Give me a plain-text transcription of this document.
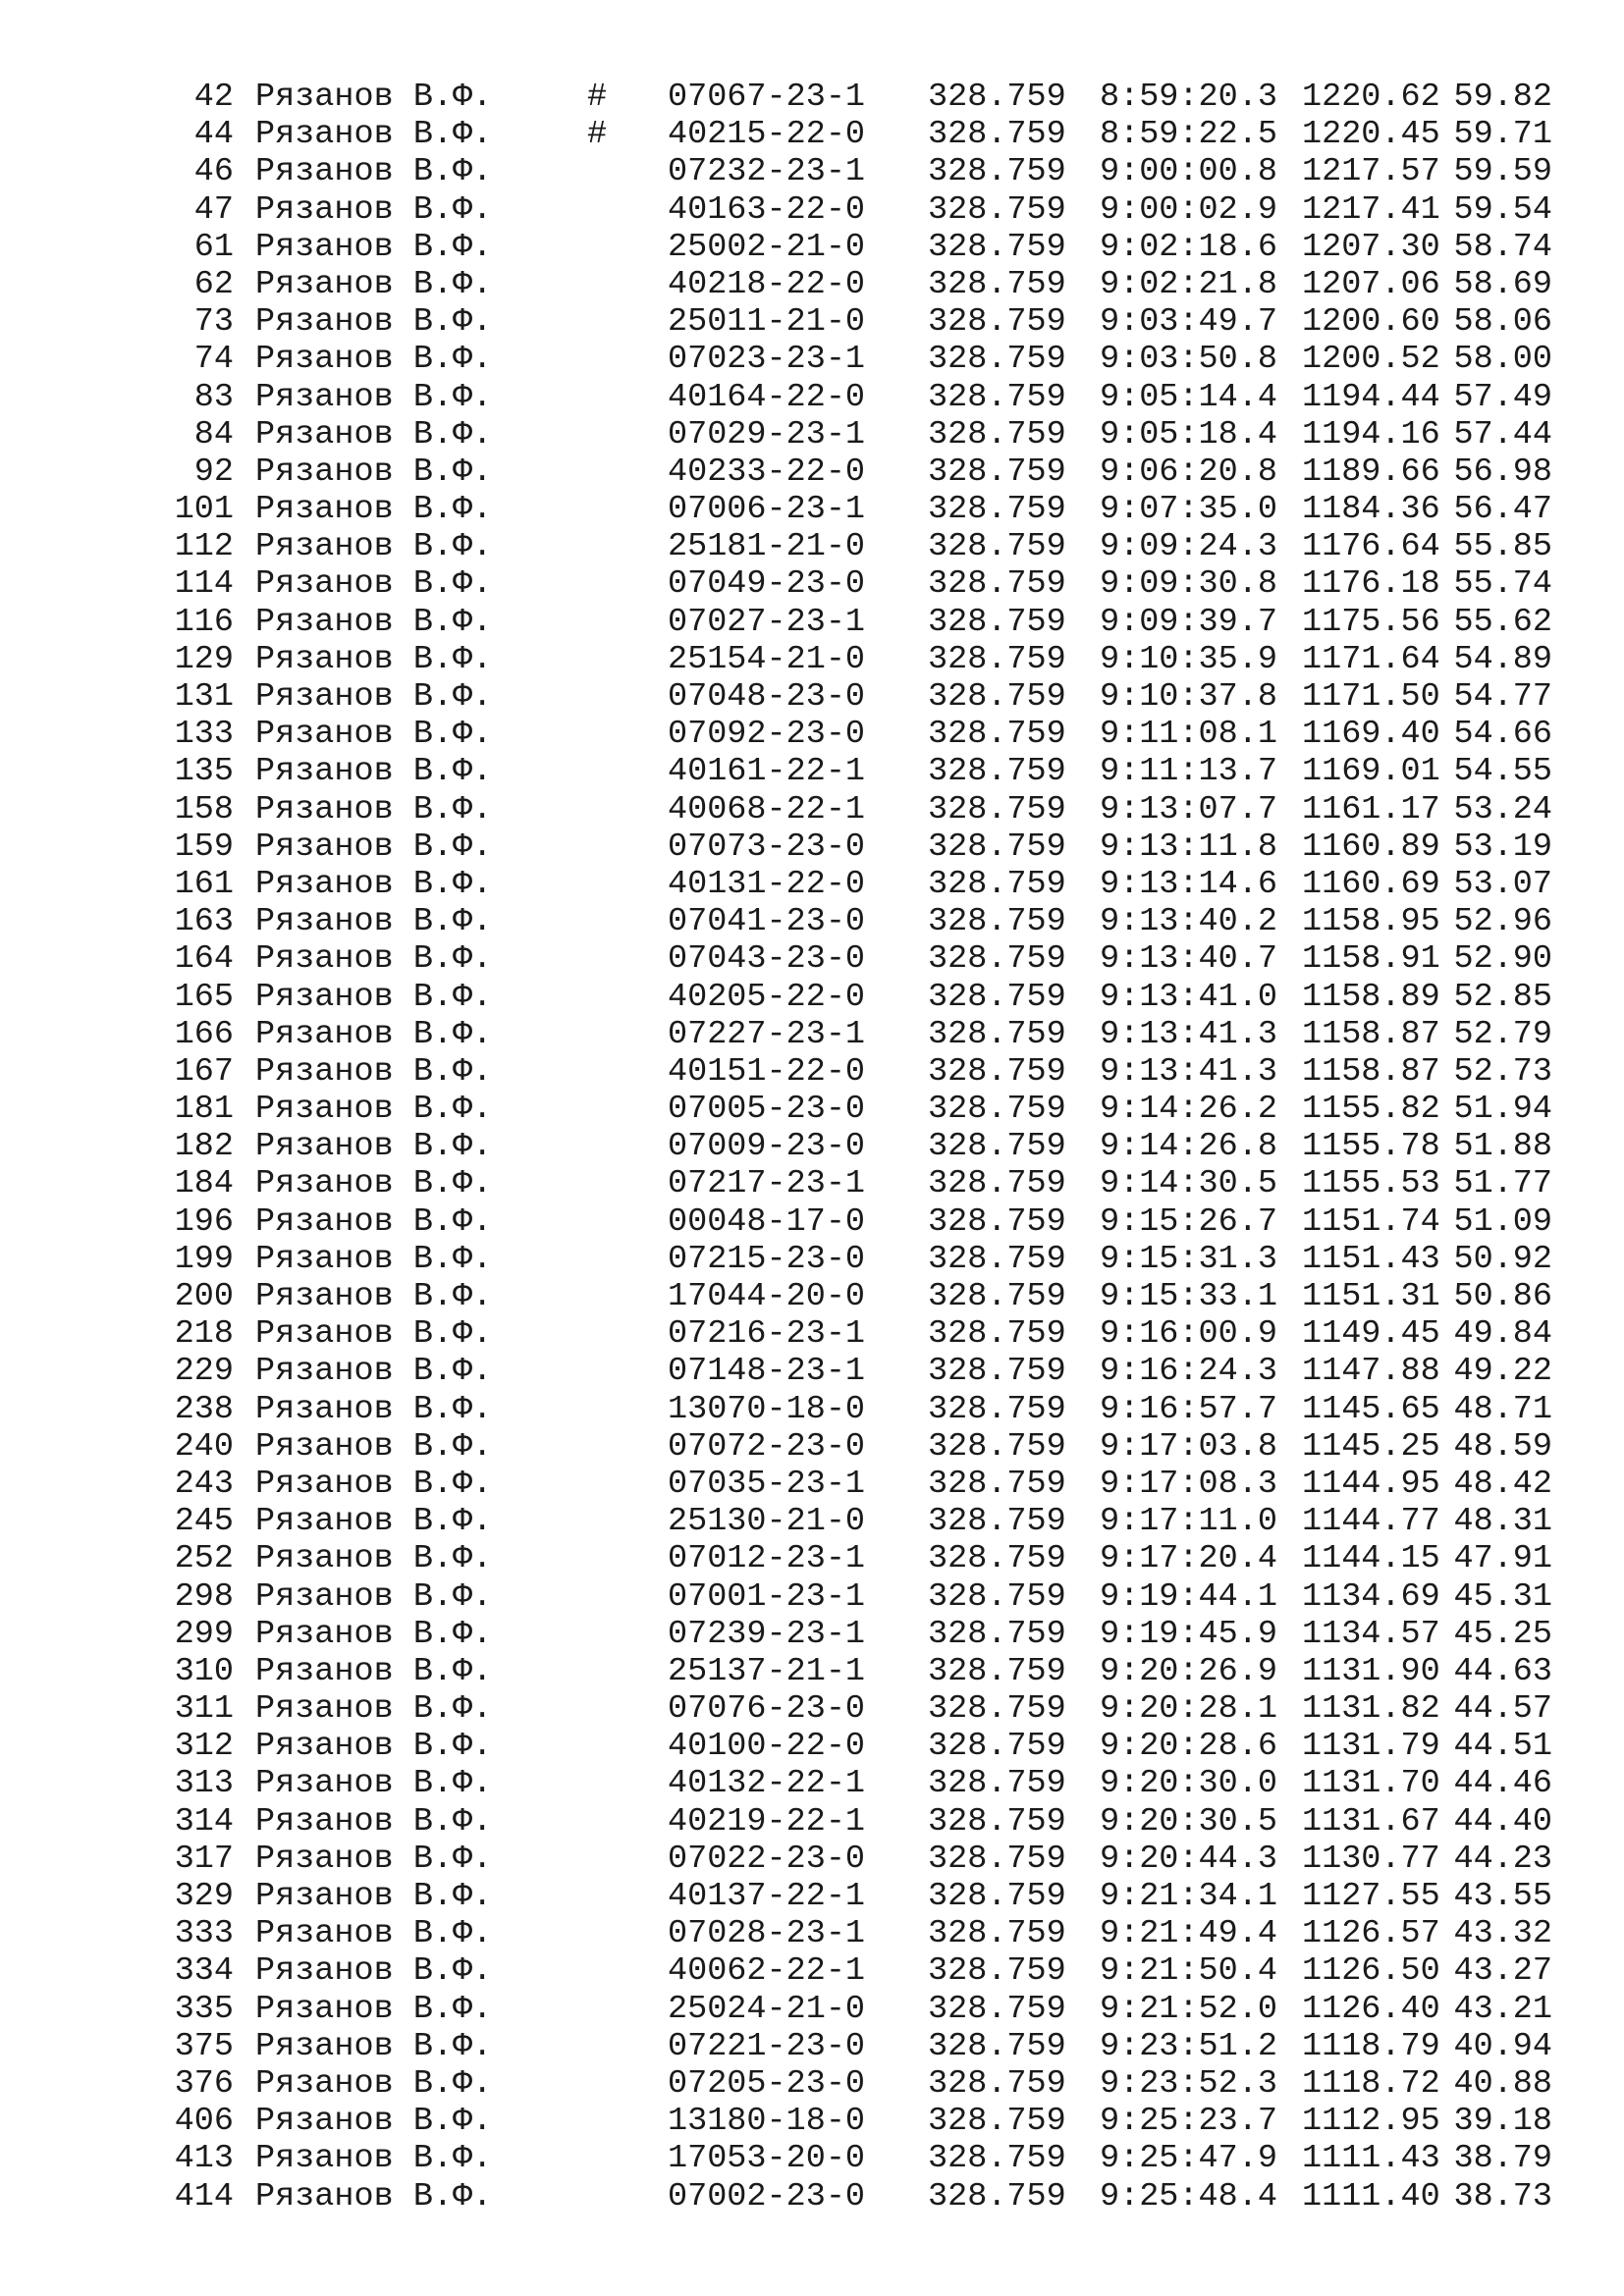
42 Рязанов В.Ф.	#	07067-23-1	328.759	8:59:20.3 1220.62 59.82
44 Рязанов В.Ф.	#	40215-22-0	328.759	8:59:22.5 1220.45 59.71
46 Рязанов В.Ф.	07232-23-1	328.759	9:00:00.8 1217.57 59.59
47 Рязанов В.Ф.	40163-22-0	328.759	9:00:02.9 1217.41 59.54
61 Рязанов В.Ф.	25002-21-0	328.759	9:02:18.6 1207.30 58.74
62 Рязанов В.Ф.	40218-22-0	328.759	9:02:21.8 1207.06 58.69
73 Рязанов В.Ф.	25011-21-0	328.759	9:03:49.7 1200.60 58.06
74 Рязанов В.Ф.	07023-23-1	328.759	9:03:50.8 1200.52 58.00
83 Рязанов В.Ф.	40164-22-0	328.759	9:05:14.4 1194.44 57.49
84 Рязанов В.Ф.	07029-23-1	328.759	9:05:18.4 1194.16 57.44
92 Рязанов В.Ф.	40233-22-0	328.759	9:06:20.8 1189.66 56.98
101 Рязанов В.Ф.	07006-23-1	328.759	9:07:35.0 1184.36 56.47
112 Рязанов В.Ф.	25181-21-0	328.759	9:09:24.3 1176.64 55.85
114 Рязанов В.Ф.	07049-23-0	328.759	9:09:30.8 1176.18 55.74
116 Рязанов В.Ф.	07027-23-1	328.759	9:09:39.7 1175.56 55.62
129 Рязанов В.Ф.	25154-21-0	328.759	9:10:35.9 1171.64 54.89
131 Рязанов В.Ф.	07048-23-0	328.759	9:10:37.8 1171.50 54.77
133 Рязанов В.Ф.	07092-23-0	328.759	9:11:08.1 1169.40 54.66
135 Рязанов В.Ф.	40161-22-1	328.759	9:11:13.7 1169.01 54.55
158 Рязанов В.Ф.	40068-22-1	328.759	9:13:07.7 1161.17 53.24
159 Рязанов В.Ф.	07073-23-0	328.759	9:13:11.8 1160.89 53.19
161 Рязанов В.Ф.	40131-22-0	328.759	9:13:14.6 1160.69 53.07
163 Рязанов В.Ф.	07041-23-0	328.759	9:13:40.2 1158.95 52.96
164 Рязанов В.Ф.	07043-23-0	328.759	9:13:40.7 1158.91 52.90
165 Рязанов В.Ф.	40205-22-0	328.759	9:13:41.0 1158.89 52.85
166 Рязанов В.Ф.	07227-23-1	328.759	9:13:41.3 1158.87 52.79
167 Рязанов В.Ф.	40151-22-0	328.759	9:13:41.3 1158.87 52.73
181 Рязанов В.Ф.	07005-23-0	328.759	9:14:26.2 1155.82 51.94
182 Рязанов В.Ф.	07009-23-0	328.759	9:14:26.8 1155.78 51.88
184 Рязанов В.Ф.	07217-23-1	328.759	9:14:30.5 1155.53 51.77
196 Рязанов В.Ф.	00048-17-0	328.759	9:15:26.7 1151.74 51.09
199 Рязанов В.Ф.	07215-23-0	328.759	9:15:31.3 1151.43 50.92
200 Рязанов В.Ф.	17044-20-0	328.759	9:15:33.1 1151.31 50.86
218 Рязанов В.Ф.	07216-23-1	328.759	9:16:00.9 1149.45 49.84
229 Рязанов В.Ф.	07148-23-1	328.759	9:16:24.3 1147.88 49.22
238 Рязанов В.Ф.	13070-18-0	328.759	9:16:57.7 1145.65 48.71
240 Рязанов В.Ф.	07072-23-0	328.759	9:17:03.8 1145.25 48.59
243 Рязанов В.Ф.	07035-23-1	328.759	9:17:08.3 1144.95 48.42
245 Рязанов В.Ф.	25130-21-0	328.759	9:17:11.0 1144.77 48.31
252 Рязанов В.Ф.	07012-23-1	328.759	9:17:20.4 1144.15 47.91
298 Рязанов В.Ф.	07001-23-1	328.759	9:19:44.1 1134.69 45.31
299 Рязанов В.Ф.	07239-23-1	328.759	9:19:45.9 1134.57 45.25
310 Рязанов В.Ф.	25137-21-1	328.759	9:20:26.9 1131.90 44.63
311 Рязанов В.Ф.	07076-23-0	328.759	9:20:28.1 1131.82 44.57
312 Рязанов В.Ф.	40100-22-0	328.759	9:20:28.6 1131.79 44.51
313 Рязанов В.Ф.	40132-22-1	328.759	9:20:30.0 1131.70 44.46
314 Рязанов В.Ф.	40219-22-1	328.759	9:20:30.5 1131.67 44.40
317 Рязанов В.Ф.	07022-23-0	328.759	9:20:44.3 1130.77 44.23
329 Рязанов В.Ф.	40137-22-1	328.759	9:21:34.1 1127.55 43.55
333 Рязанов В.Ф.	07028-23-1	328.759	9:21:49.4 1126.57 43.32
334 Рязанов В.Ф.	40062-22-1	328.759	9:21:50.4 1126.50 43.27
335 Рязанов В.Ф.	25024-21-0	328.759	9:21:52.0 1126.40 43.21
375 Рязанов В.Ф.	07221-23-0	328.759	9:23:51.2 1118.79 40.94
376 Рязанов В.Ф.	07205-23-0	328.759	9:23:52.3 1118.72 40.88
406 Рязанов В.Ф.	13180-18-0	328.759	9:25:23.7 1112.95 39.18
413 Рязанов В.Ф.	17053-20-0	328.759	9:25:47.9 1111.43 38.79
414 Рязанов В.Ф.	07002-23-0	328.759	9:25:48.4 1111.40 38.73
